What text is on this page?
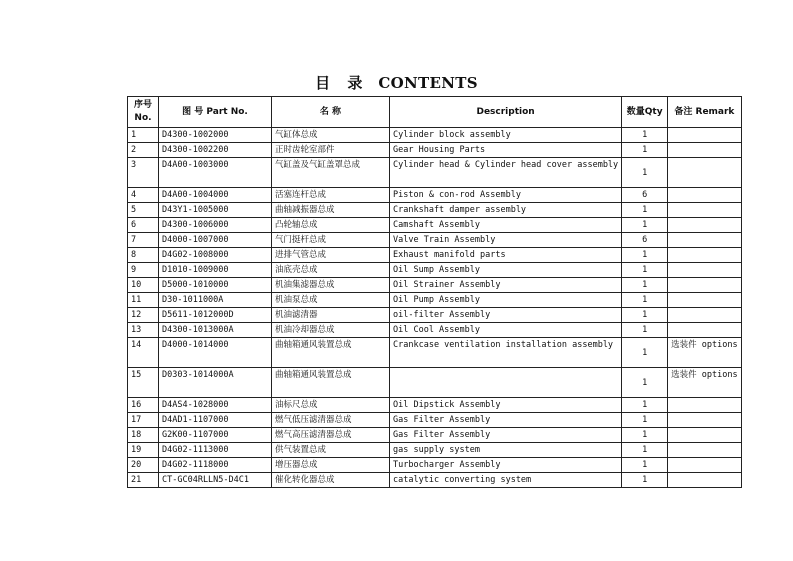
目 录 CONTENTS
序号 No.	图 号 Part No.	名 称	Description	数量Qty	备注 Remark
1	D4300-1002000	气缸体总成	Cylinder block assembly	1	
2	D4300-1002200	正时齿轮室部件	Gear Housing Parts	1	
3	D4A00-1003000	气缸盖及气缸盖罩总成	Cylinder head & Cylinder head cover assembly	1	
4	D4A00-1004000	活塞连杆总成	Piston & con-rod Assembly	6	
5	D43Y1-1005000	曲轴减振器总成	Crankshaft damper assembly	1	
6	D4300-1006000	凸轮轴总成	Camshaft Assembly	1	
7	D4000-1007000	气门挺杆总成	Valve Train Assembly	6	
8	D4G02-1008000	进排气管总成	Exhaust manifold parts	1	
9	D1010-1009000	油底壳总成	Oil Sump Assembly	1	
10	D5000-1010000	机油集滤器总成	Oil Strainer Assembly	1	
11	D30-1011000A	机油泵总成	Oil Pump Assembly	1	
12	D5611-1012000D	机油滤清器	oil-filter Assembly	1	
13	D4300-1013000A	机油冷却器总成	Oil Cool Assembly	1	
14	D4000-1014000	曲轴箱通风装置总成	Crankcase ventilation installation assembly	1	选装件 options
15	D0303-1014000A	曲轴箱通风装置总成		1	选装件 options
16	D4AS4-1028000	油标尺总成	Oil Dipstick Assembly	1	
17	D4AD1-1107000	燃气低压滤清器总成	Gas Filter Assembly	1	
18	G2K00-1107000	燃气高压滤清器总成	Gas Filter Assembly	1	
19	D4G02-1113000	供气装置总成	gas supply system	1	
20	D4G02-1118000	增压器总成	Turbocharger Assembly	1	
21	CT-GC04RLLN5-D4C1	催化转化器总成	catalytic converting system	1	
